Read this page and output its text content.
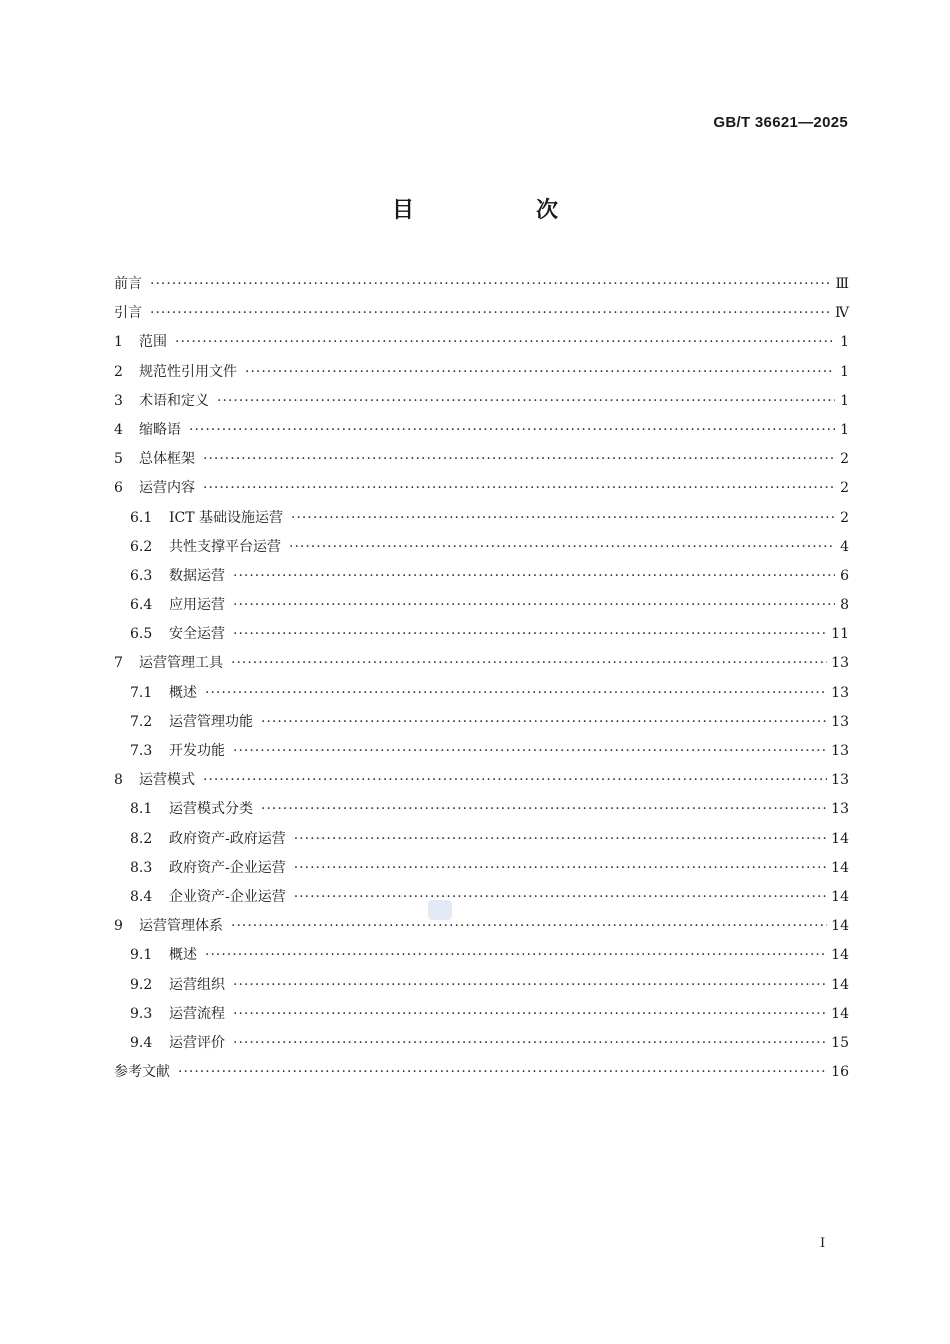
GB/T 36621—2025
目　次
前言 ·····	Ⅲ
引言 ·····	Ⅳ
1	范围 ·····	1
2	规范性引用文件 ·····	1
3	术语和定义 ·····	1
4	缩略语 ·····	1
5	总体框架 ·····	2
6	运营内容 ·····	2
6.1	ICT 基础设施运营 ·····	2
6.2	共性支撑平台运营 ·····	4
6.3	数据运营 ·····	6
6.4	应用运营 ·····	8
6.5	安全运营 ·····	11
7	运营管理工具 ·····	13
7.1	概述 ·····	13
7.2	运营管理功能 ·····	13
7.3	开发功能 ·····	13
8	运营模式 ·····	13
8.1	运营模式分类 ·····	13
8.2	政府资产-政府运营 ·····	14
8.3	政府资产-企业运营 ·····	14
8.4	企业资产-企业运营 ·····	14
9	运营管理体系 ·····	14
9.1	概述 ·····	14
9.2	运营组织 ·····	14
9.3	运营流程 ·····	14
9.4	运营评价 ·····	15
参考文献 ·····	16
I
